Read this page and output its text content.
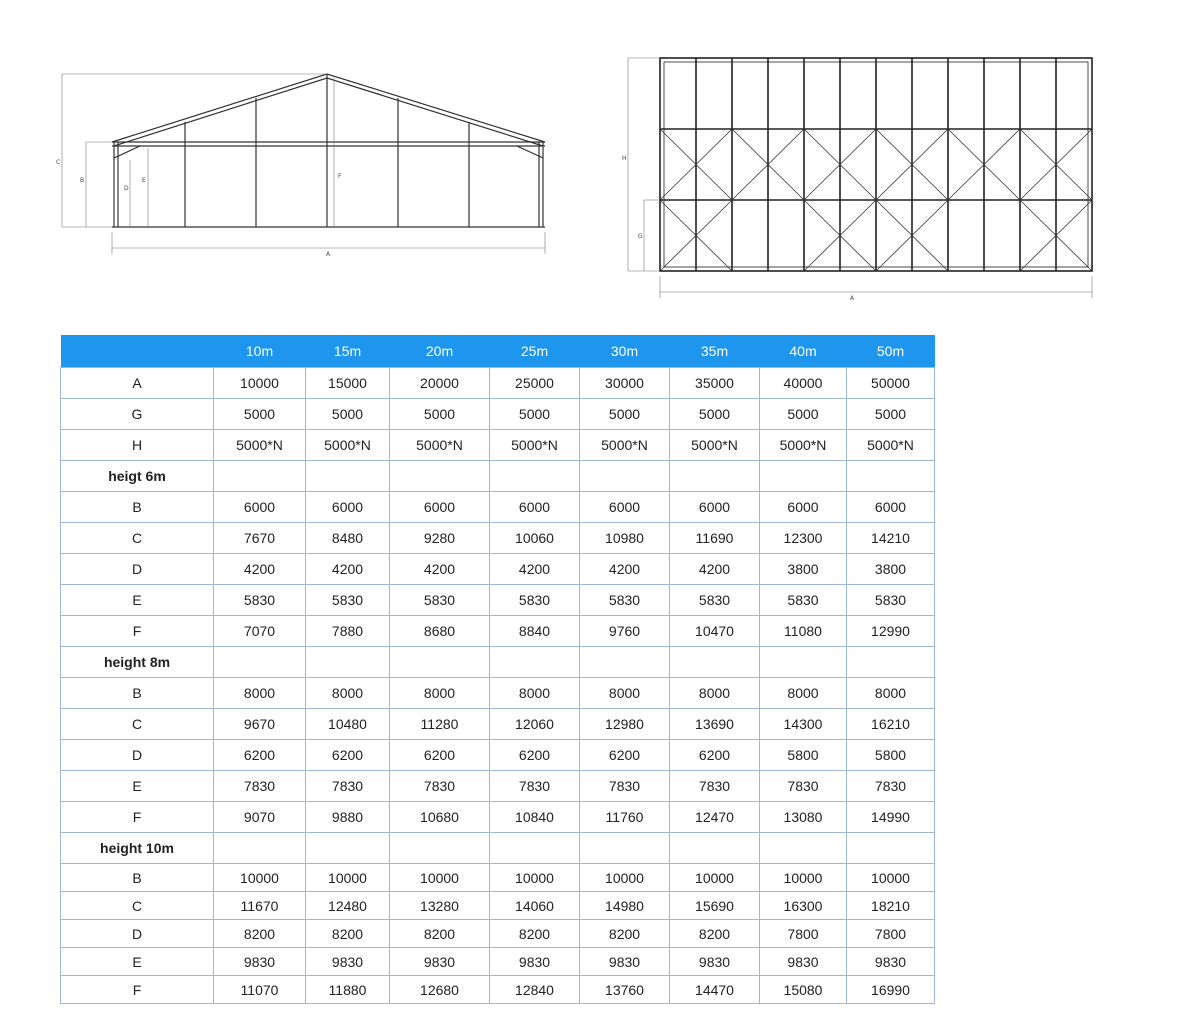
C
B
D
E
F
A
H
G
A
	10m	15m	20m	25m	30m	35m	40m	50m
A	10000	15000	20000	25000	30000	35000	40000	50000
G	5000	5000	5000	5000	5000	5000	5000	5000
H	5000*N	5000*N	5000*N	5000*N	5000*N	5000*N	5000*N	5000*N
heigt 6m								
B	6000	6000	6000	6000	6000	6000	6000	6000
C	7670	8480	9280	10060	10980	11690	12300	14210
D	4200	4200	4200	4200	4200	4200	3800	3800
E	5830	5830	5830	5830	5830	5830	5830	5830
F	7070	7880	8680	8840	9760	10470	11080	12990
height 8m								
B	8000	8000	8000	8000	8000	8000	8000	8000
C	9670	10480	11280	12060	12980	13690	14300	16210
D	6200	6200	6200	6200	6200	6200	5800	5800
E	7830	7830	7830	7830	7830	7830	7830	7830
F	9070	9880	10680	10840	11760	12470	13080	14990
height 10m								
B	10000	10000	10000	10000	10000	10000	10000	10000
C	11670	12480	13280	14060	14980	15690	16300	18210
D	8200	8200	8200	8200	8200	8200	7800	7800
E	9830	9830	9830	9830	9830	9830	9830	9830
F	11070	11880	12680	12840	13760	14470	15080	16990
